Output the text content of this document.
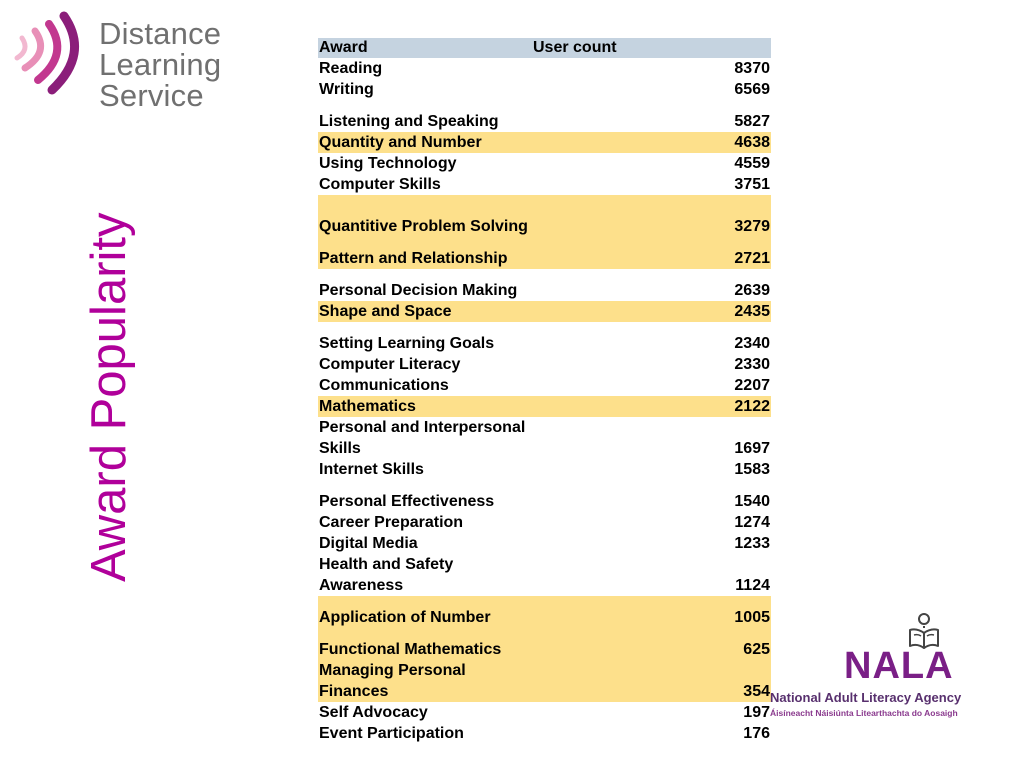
Distance
Learning
Service
Award Popularity
Award	User count
Reading	8370
Writing	6569
Listening and Speaking	5827
Quantity and Number	4638
Using Technology	4559
Computer Skills	3751
Quantitive Problem Solving	3279
Pattern and Relationship	2721
Personal Decision Making	2639
Shape and Space	2435
Setting Learning Goals	2340
Computer Literacy	2330
Communications	2207
Mathematics	2122
Personal and Interpersonal Skills	1697
Internet Skills	1583
Personal Effectiveness	1540
Career Preparation	1274
Digital Media	1233
Health and Safety Awareness	1124
Application of Number	1005
Functional Mathematics	625
Managing Personal Finances	354
Self Advocacy	197
Event Participation	176
NALA
National Adult Literacy Agency
Áisíneacht Náisiúnta Litearthachta do Aosaigh
